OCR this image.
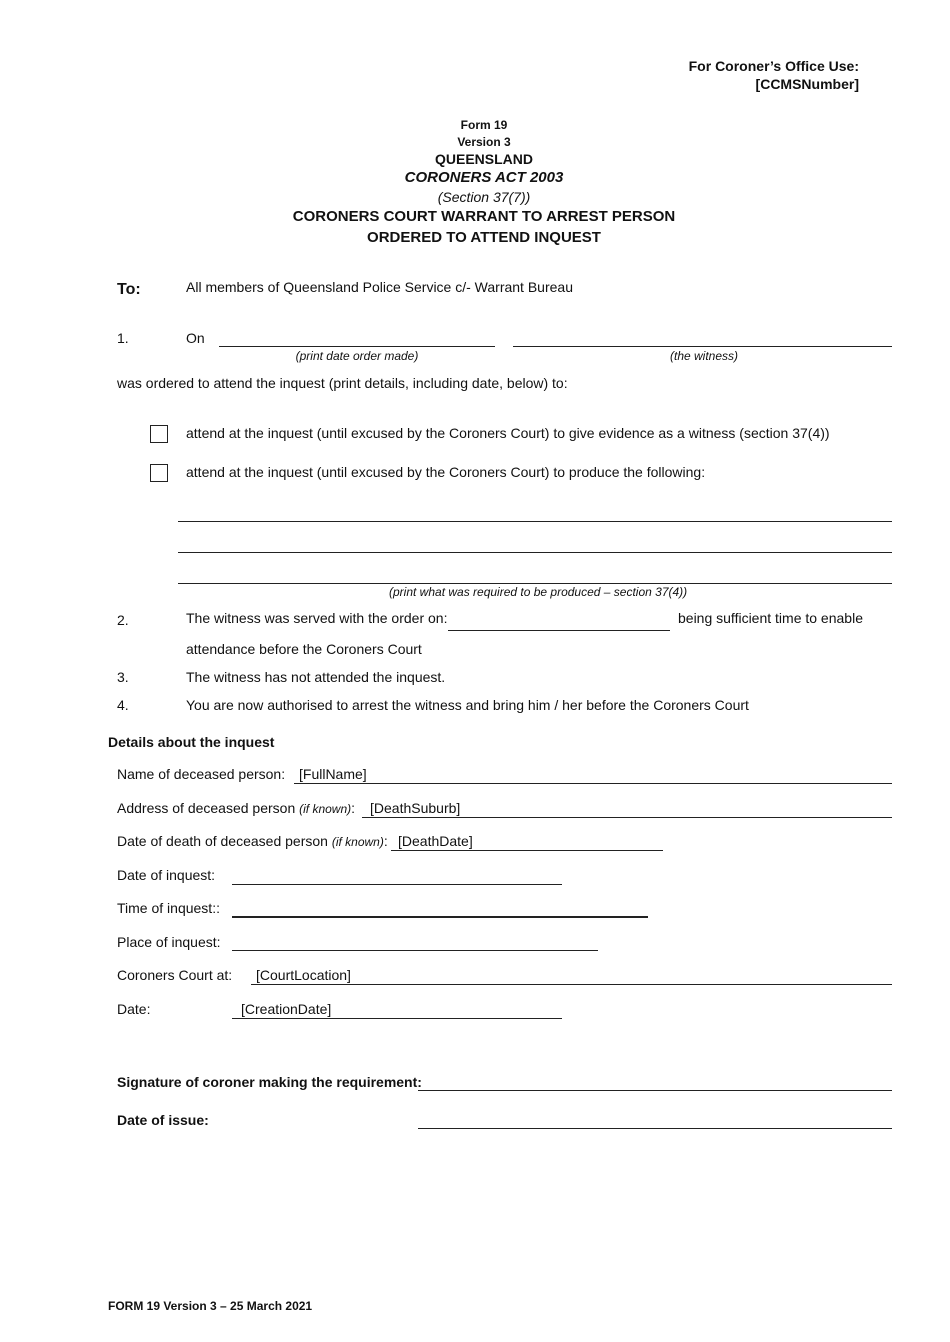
For Coroner’s Office Use:
[CCMSNumber]
Form 19
Version 3
QUEENSLAND
CORONERS ACT 2003
(Section 37(7))
CORONERS COURT WARRANT TO ARREST PERSON
ORDERED TO ATTEND INQUEST
To:	All members of Queensland Police Service c/- Warrant Bureau
1.	On
(print date order made)	(the witness)
was ordered to attend the inquest (print details, including date, below) to:
attend at the inquest (until excused by the Coroners Court) to give evidence as a witness (section 37(4))
attend at the inquest (until excused by the Coroners Court) to produce the following:
(print what was required to be produced – section 37(4))
2.	The witness was served with the order on:	being sufficient time to enable
attendance before the Coroners Court
3.	The witness has not attended the inquest.
4.	You are now authorised to arrest the witness and bring him / her before the Coroners Court
Details about the inquest
Name of deceased person: [FullName]
Address of deceased person (if known): [DeathSuburb]
Date of death of deceased person (if known): [DeathDate]
Date of inquest:
Time of inquest::
Place of inquest:
Coroners Court at: [CourtLocation]
Date:	[CreationDate]
Signature of coroner making the requirement:
Date of issue:
FORM 19 Version 3 – 25 March 2021
